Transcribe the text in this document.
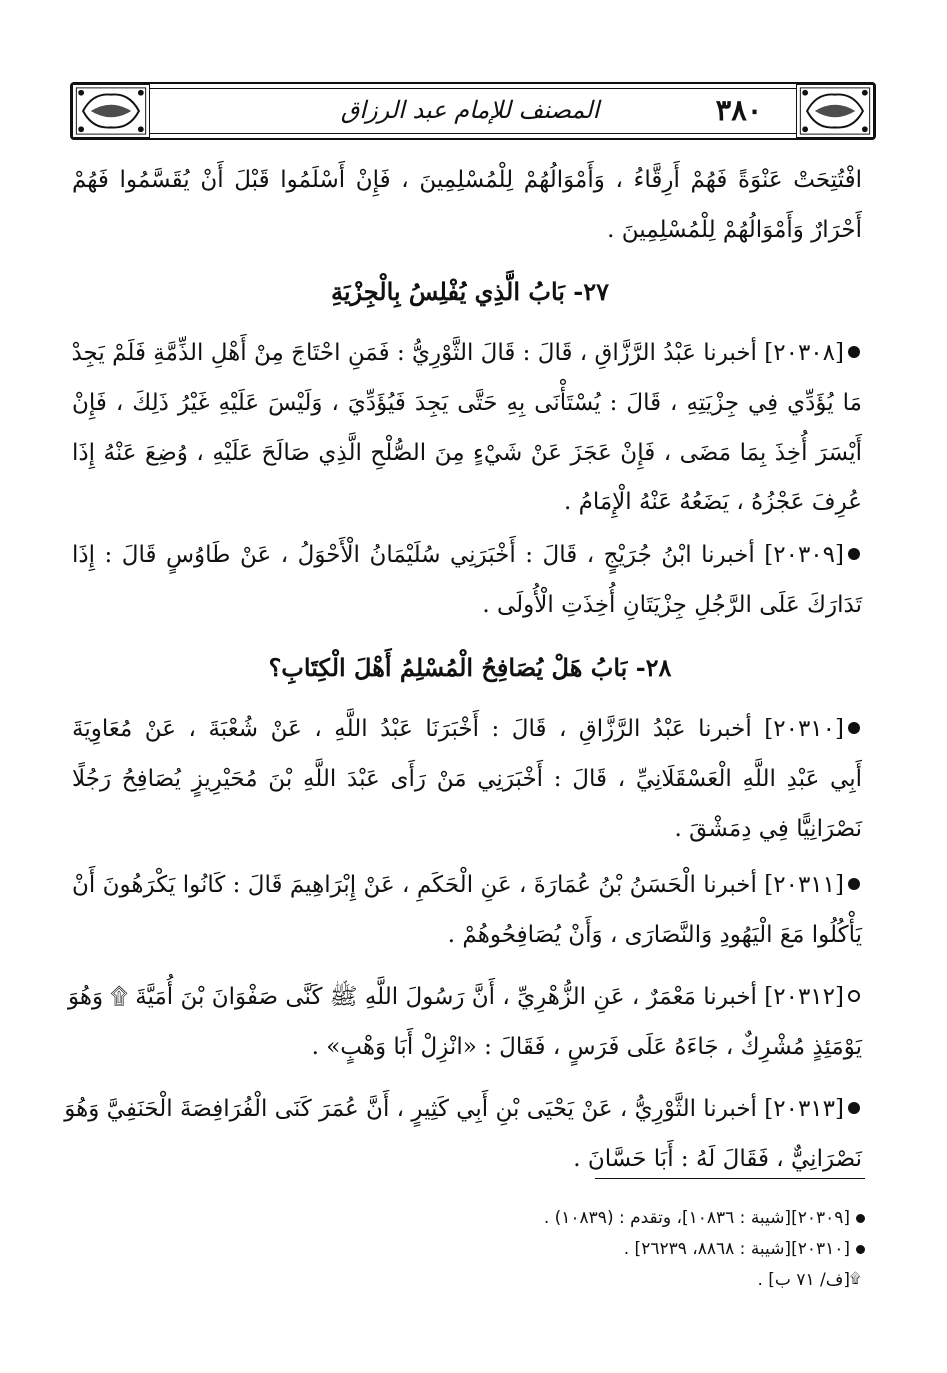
٣٨٠
المصنف للإمام عبد الرزاق
افْتُتِحَتْ عَنْوَةً فَهُمْ أَرِقَّاءُ ، وَأَمْوَالُهُمْ لِلْمُسْلِمِينَ ، فَإِنْ أَسْلَمُوا قَبْلَ أَنْ يُقَسَّمُوا فَهُمْ
أَحْرَارٌ وَأَمْوَالُهُمْ لِلْمُسْلِمِينَ .
٢٧- بَابُ الَّذِي يُفْلِسُ بِالْجِزْيَةِ
[٢٠٣٠٨] أخبرنا عَبْدُ الرَّزَّاقِ ، قَالَ : قَالَ الثَّوْرِيُّ : فَمَنِ احْتَاجَ مِنْ أَهْلِ الذِّمَّةِ فَلَمْ يَجِدْ
مَا يُؤَدِّي فِي جِزْيَتِهِ ، قَالَ : يُسْتَأْنَى بِهِ حَتَّى يَجِدَ فَيُؤَدِّيَ ، وَلَيْسَ عَلَيْهِ غَيْرُ ذَلِكَ ، فَإِنْ
أَيْسَرَ أُخِذَ بِمَا مَضَى ، فَإِنْ عَجَزَ عَنْ شَيْءٍ مِنَ الصُّلْحِ الَّذِي صَالَحَ عَلَيْهِ ، وُضِعَ عَنْهُ إِذَا
عُرِفَ عَجْزُهُ ، يَضَعُهُ عَنْهُ الْإِمَامُ .
[٢٠٣٠٩] أخبرنا ابْنُ جُرَيْجٍ ، قَالَ : أَخْبَرَنِي سُلَيْمَانُ الْأَحْوَلُ ، عَنْ طَاوُسٍ قَالَ : إِذَا
تَدَارَكَ عَلَى الرَّجُلِ جِزْيَتَانِ أُخِذَتِ الْأُولَى .
٢٨- بَابُ هَلْ يُصَافِحُ الْمُسْلِمُ أَهْلَ الْكِتَابِ؟
[٢٠٣١٠] أخبرنا عَبْدُ الرَّزَّاقِ ، قَالَ : أَخْبَرَنَا عَبْدُ اللَّهِ ، عَنْ شُعْبَةَ ، عَنْ مُعَاوِيَةَ
أَبِي عَبْدِ اللَّهِ الْعَسْقَلَانِيِّ ، قَالَ : أَخْبَرَنِي مَنْ رَأَى عَبْدَ اللَّهِ بْنَ مُحَيْرِيزٍ يُصَافِحُ رَجُلًا
نَصْرَانِيًّا فِي دِمَشْقَ .
[٢٠٣١١] أخبرنا الْحَسَنُ بْنُ عُمَارَةَ ، عَنِ الْحَكَمِ ، عَنْ إِبْرَاهِيمَ قَالَ : كَانُوا يَكْرَهُونَ أَنْ
يَأْكُلُوا مَعَ الْيَهُودِ وَالنَّصَارَى ، وَأَنْ يُصَافِحُوهُمْ .
[٢٠٣١٢] أخبرنا مَعْمَرٌ ، عَنِ الزُّهْرِيِّ ، أَنَّ رَسُولَ اللَّهِ ﷺ كَنَّى صَفْوَانَ بْنَ أُمَيَّةَ ۩ وَهُوَ
يَوْمَئِذٍ مُشْرِكٌ ، جَاءَهُ عَلَى فَرَسٍ ، فَقَالَ : «انْزِلْ أَبَا وَهْبٍ» .
[٢٠٣١٣] أخبرنا الثَّوْرِيُّ ، عَنْ يَحْيَى بْنِ أَبِي كَثِيرٍ ، أَنَّ عُمَرَ كَنَى الْفُرَافِصَةَ الْحَنَفِيَّ وَهُوَ
نَصْرَانِيٌّ ، فَقَالَ لَهُ : أَبَا حَسَّانَ .
[٢٠٣٠٩][شيبة : ١٠٨٣٦]، وتقدم : (١٠٨٣٩) .
[٢٠٣١٠][شيبة : ٨٨٦٨، ٢٦٢٣٩] .
۩
[ف/ ٧١ ب] .
